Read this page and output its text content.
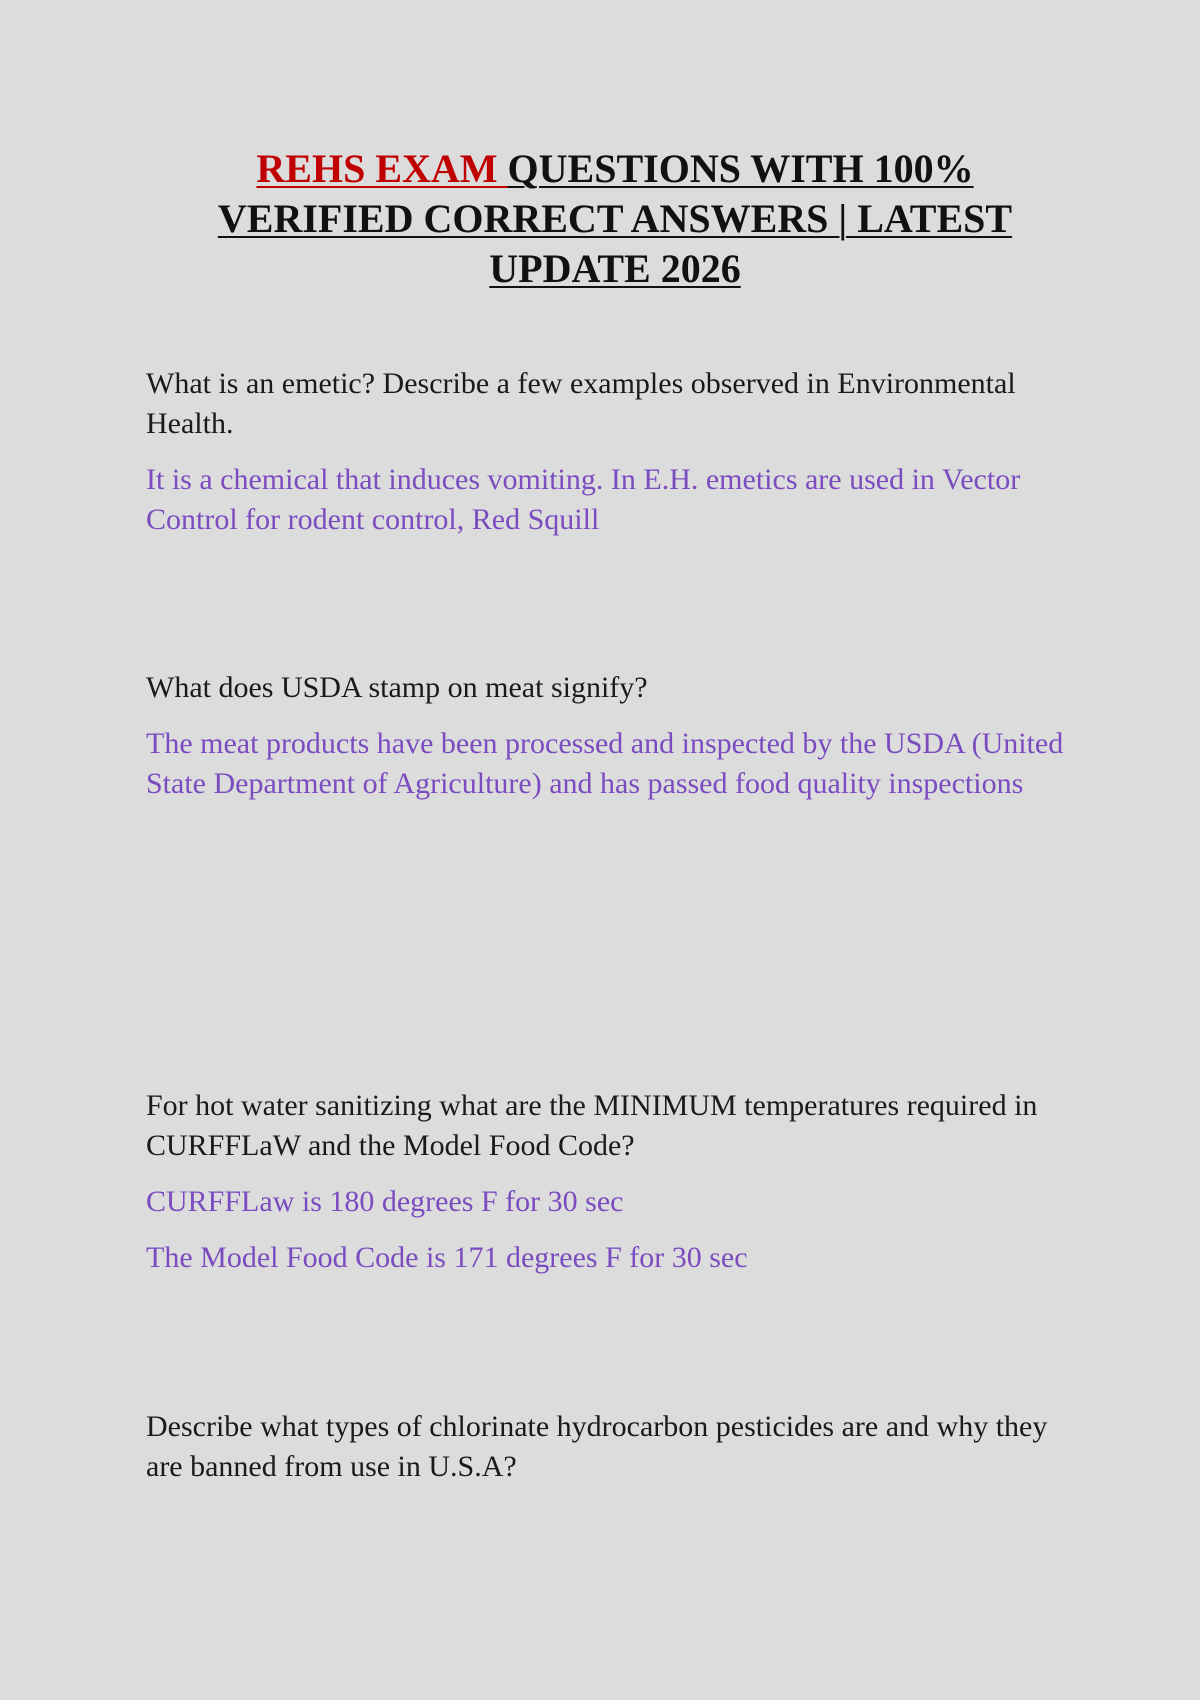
REHS EXAM QUESTIONS WITH 100%
VERIFIED CORRECT ANSWERS | LATEST
UPDATE 2026

What is an emetic? Describe a few examples observed in Environmental Health.

It is a chemical that induces vomiting. In E.H. emetics are used in Vector Control for rodent control, Red Squill

What does USDA stamp on meat signify?

The meat products have been processed and inspected by the USDA (United State Department of Agriculture) and has passed food quality inspections

For hot water sanitizing what are the MINIMUM temperatures required in CURFFLaW and the Model Food Code?

CURFFLaw is 180 degrees F for 30 sec

The Model Food Code is 171 degrees F for 30 sec

Describe what types of chlorinate hydrocarbon pesticides are and why they are banned from use in U.S.A?
